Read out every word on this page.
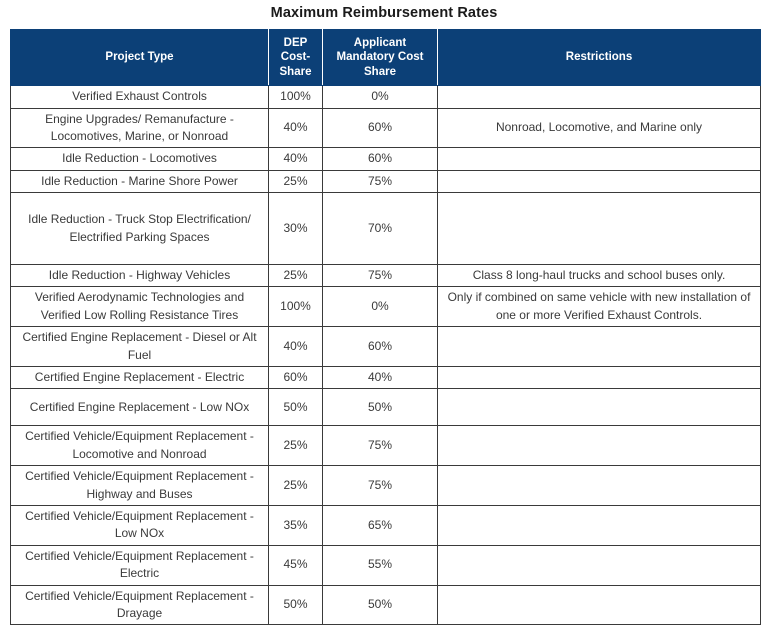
Maximum Reimbursement Rates
Project Type	DEP Cost-Share	Applicant Mandatory Cost Share	Restrictions
Verified Exhaust Controls	100%	0%	
Engine Upgrades/ Remanufacture - Locomotives, Marine, or Nonroad	40%	60%	Nonroad, Locomotive, and Marine only
Idle Reduction - Locomotives	40%	60%	
Idle Reduction - Marine Shore Power	25%	75%	
Idle Reduction - Truck Stop Electrification/ Electrified Parking Spaces	30%	70%	
Idle Reduction - Highway Vehicles	25%	75%	Class 8 long-haul trucks and school buses only.
Verified Aerodynamic Technologies and Verified Low Rolling Resistance Tires	100%	0%	Only if combined on same vehicle with new installation of one or more Verified Exhaust Controls.
Certified Engine Replacement - Diesel or Alt Fuel	40%	60%	
Certified Engine Replacement - Electric	60%	40%	
Certified Engine Replacement - Low NOx	50%	50%	
Certified Vehicle/Equipment Replacement - Locomotive and Nonroad	25%	75%	
Certified Vehicle/Equipment Replacement - Highway and Buses	25%	75%	
Certified Vehicle/Equipment Replacement - Low NOx	35%	65%	
Certified Vehicle/Equipment Replacement - Electric	45%	55%	
Certified Vehicle/Equipment Replacement - Drayage	50%	50%	
